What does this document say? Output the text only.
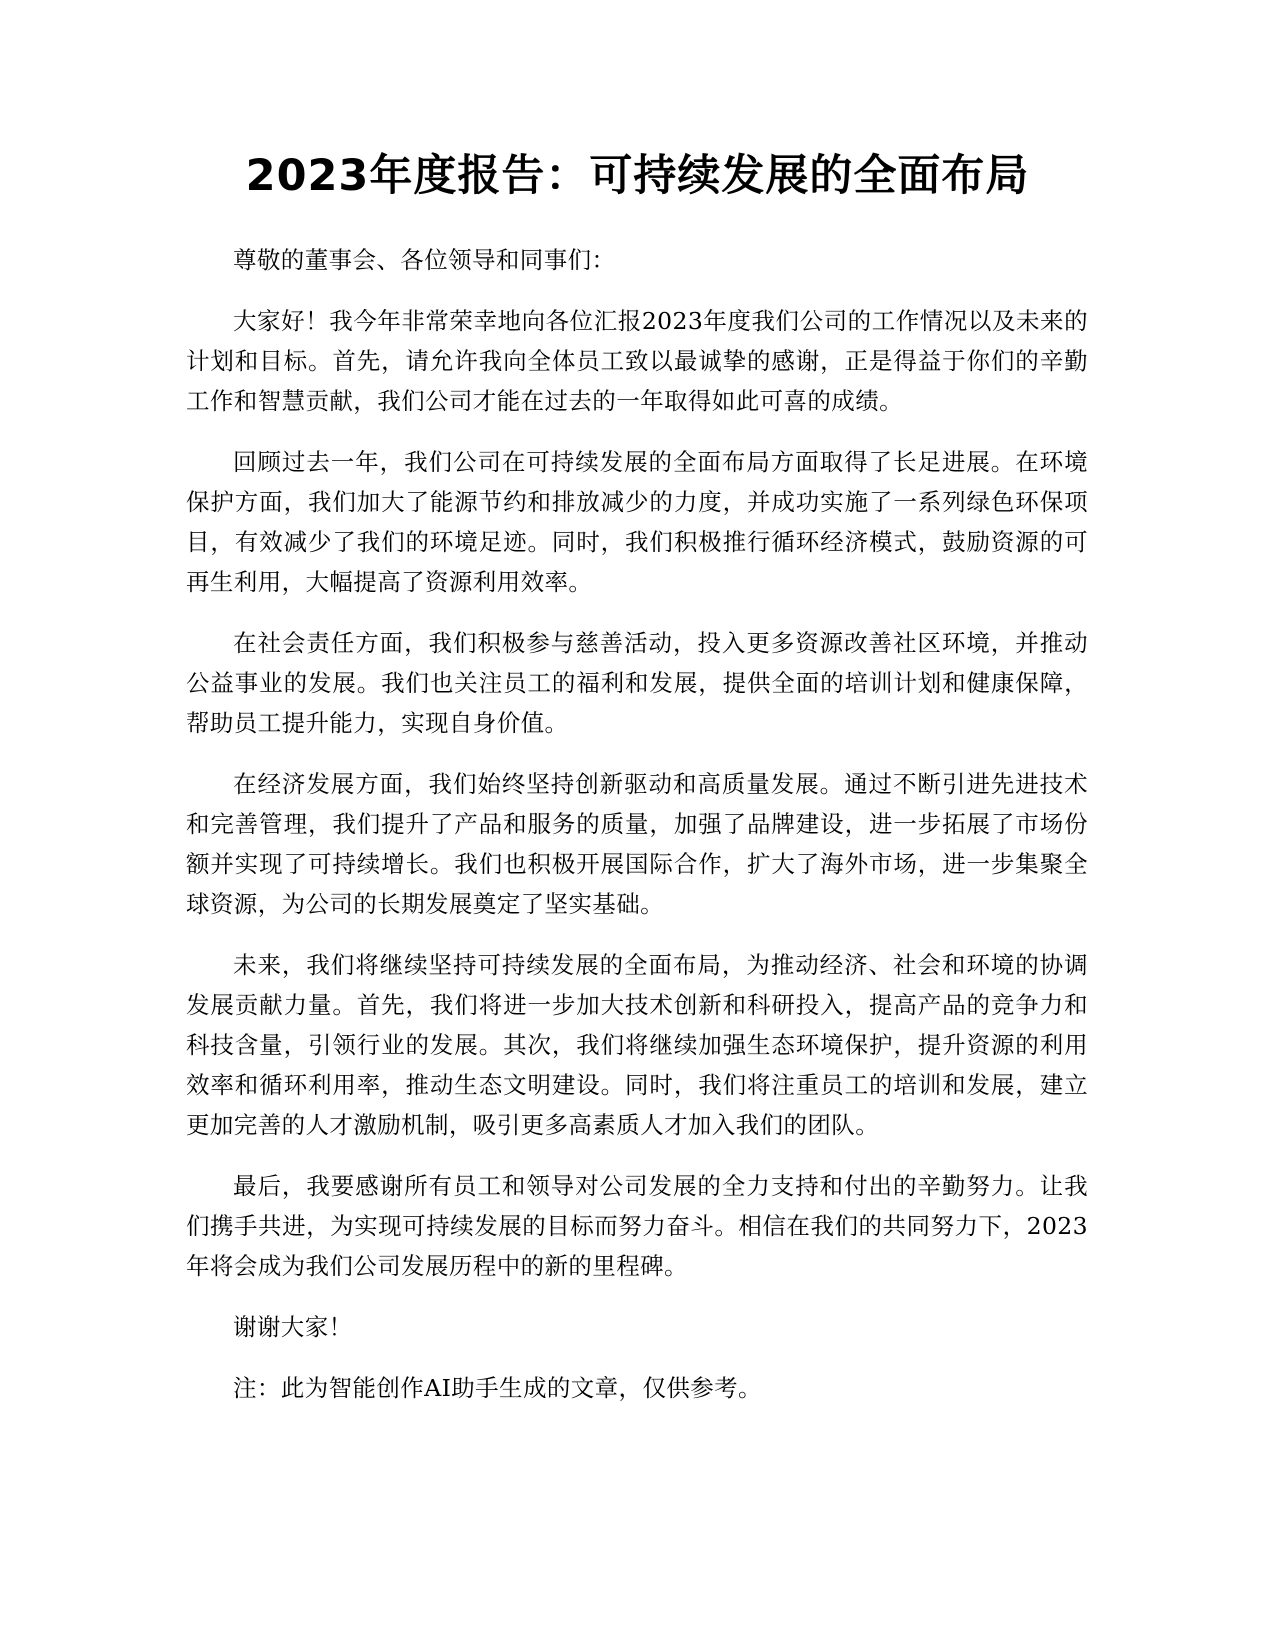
2023年度报告：可持续发展的全面布局

尊敬的董事会、各位领导和同事们：

大家好！我今年非常荣幸地向各位汇报2023年度我们公司的工作情况以及未来的计划和目标。首先，请允许我向全体员工致以最诚挚的感谢，正是得益于你们的辛勤工作和智慧贡献，我们公司才能在过去的一年取得如此可喜的成绩。

回顾过去一年，我们公司在可持续发展的全面布局方面取得了长足进展。在环境保护方面，我们加大了能源节约和排放减少的力度，并成功实施了一系列绿色环保项目，有效减少了我们的环境足迹。同时，我们积极推行循环经济模式，鼓励资源的可再生利用，大幅提高了资源利用效率。

在社会责任方面，我们积极参与慈善活动，投入更多资源改善社区环境，并推动公益事业的发展。我们也关注员工的福利和发展，提供全面的培训计划和健康保障，帮助员工提升能力，实现自身价值。

在经济发展方面，我们始终坚持创新驱动和高质量发展。通过不断引进先进技术和完善管理，我们提升了产品和服务的质量，加强了品牌建设，进一步拓展了市场份额并实现了可持续增长。我们也积极开展国际合作，扩大了海外市场，进一步集聚全球资源，为公司的长期发展奠定了坚实基础。

未来，我们将继续坚持可持续发展的全面布局，为推动经济、社会和环境的协调发展贡献力量。首先，我们将进一步加大技术创新和科研投入，提高产品的竞争力和科技含量，引领行业的发展。其次，我们将继续加强生态环境保护，提升资源的利用效率和循环利用率，推动生态文明建设。同时，我们将注重员工的培训和发展，建立更加完善的人才激励机制，吸引更多高素质人才加入我们的团队。

最后，我要感谢所有员工和领导对公司发展的全力支持和付出的辛勤努力。让我们携手共进，为实现可持续发展的目标而努力奋斗。相信在我们的共同努力下，2023年将会成为我们公司发展历程中的新的里程碑。

谢谢大家！

注：此为智能创作AI助手生成的文章，仅供参考。
